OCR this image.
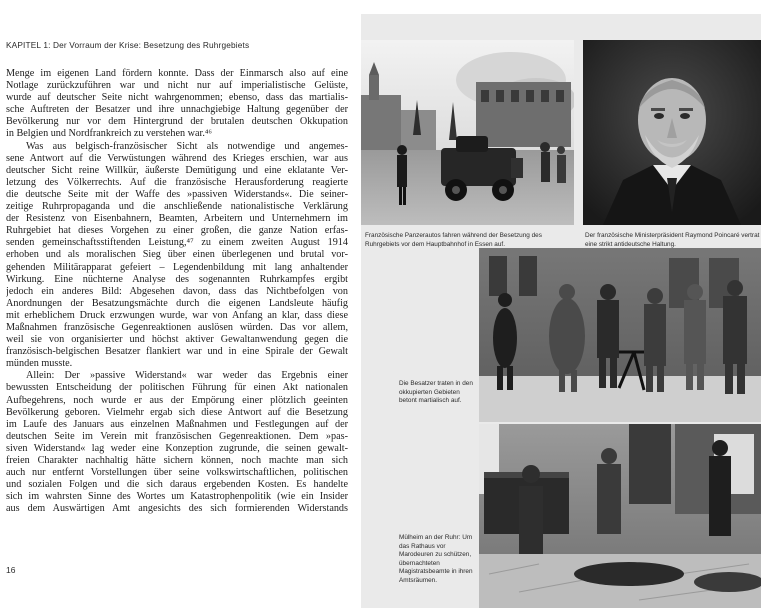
KAPITEL 1: Der Vorraum der Krise: Besetzung des Ruhrgebiets
Menge im eigenen Land fördern konnte. Dass der Einmarsch also auf eine
Notlage zurückzuführen war und nicht nur auf imperialistische Gelüste,
wurde auf deutscher Seite nicht wahrgenommen; ebenso, dass das martialis-
sche Auftreten der Besatzer und ihre unnachgiebige Haltung gegenüber der
Bevölkerung nur vor dem Hintergrund der brutalen deutschen Okkupation
in Belgien und Nordfrankreich zu verstehen war.⁴⁶
Was aus belgisch-französischer Sicht als notwendige und angemes-
sene Antwort auf die Verwüstungen während des Krieges erschien, war aus
deutscher Sicht reine Willkür, äußerste Demütigung und eine eklatante Ver-
letzung des Völkerrechts. Auf die französische Herausforderung reagierte
die deutsche Seite mit der Waffe des »passiven Widerstands«. Die seiner-
zeitige Ruhrpropaganda und die anschließende nationalistische Verklärung
der Resistenz von Eisenbahnern, Beamten, Arbeitern und Unternehmern im
Ruhrgebiet hat dieses Vorgehen zu einer großen, die ganze Nation erfas-
senden gemeinschaftsstiftenden Leistung,⁴⁷ zu einem zweiten August 1914
erhoben und als moralischen Sieg über einen überlegenen und brutal vor-
gehenden Militärapparat gefeiert – Legendenbildung mit lang anhaltender
Wirkung. Eine nüchterne Analyse des sogenannten Ruhrkampfes ergibt
jedoch ein anderes Bild: Abgesehen davon, dass das Nichtbefolgen von
Anordnungen der Besatzungsmächte durch die eigenen Landsleute häufig
mit erheblichem Druck erzwungen wurde, war von Anfang an klar, dass diese
Maßnahmen französische Gegenreaktionen auslösen würden. Das vor allem,
weil sie von organisierter und höchst aktiver Gewaltanwendung gegen die
französisch-belgischen Besatzer flankiert war und in eine Spirale der Gewalt
münden musste.
Allein: Der »passive Widerstand« war weder das Ergebnis einer
bewussten Entscheidung der politischen Führung für einen Akt nationalen
Aufbegehrens, noch wurde er aus der Empörung einer plötzlich geeinten
Bevölkerung geboren. Vielmehr ergab sich diese Antwort auf die Besetzung
im Laufe des Januars aus einzelnen Maßnahmen und Festlegungen auf der
deutschen Seite im Verein mit französischen Gegenreaktionen. Dem »pas-
siven Widerstand« lag weder eine Konzeption zugrunde, die seinen gewalt-
freien Charakter nachhaltig hätte sichern können, noch machte man sich
auch nur entfernt Vorstellungen über seine volkswirtschaftlichen, politischen
und sozialen Folgen und die sich daraus ergebenden Kosten. Es handelte
sich im wahrsten Sinne des Wortes um Katastrophenpolitik (wie ein Insider
aus dem Auswärtigen Amt angesichts des sich formierenden Widerstands
16
Französische Panzerautos fahren während der Besetzung des Ruhrgebiets vor dem Hauptbahnhof in Essen auf.
Der französische Ministerpräsident Raymond Poincaré vertrat eine strikt antideutsche Haltung.
Die Besatzer traten in den okkupierten Gebieten betont martialisch auf.
Mülheim an der Ruhr: Um das Rathaus vor Marodeuren zu schützen, übernachteten Magistratsbeamte in ihren Amtsräumen.
